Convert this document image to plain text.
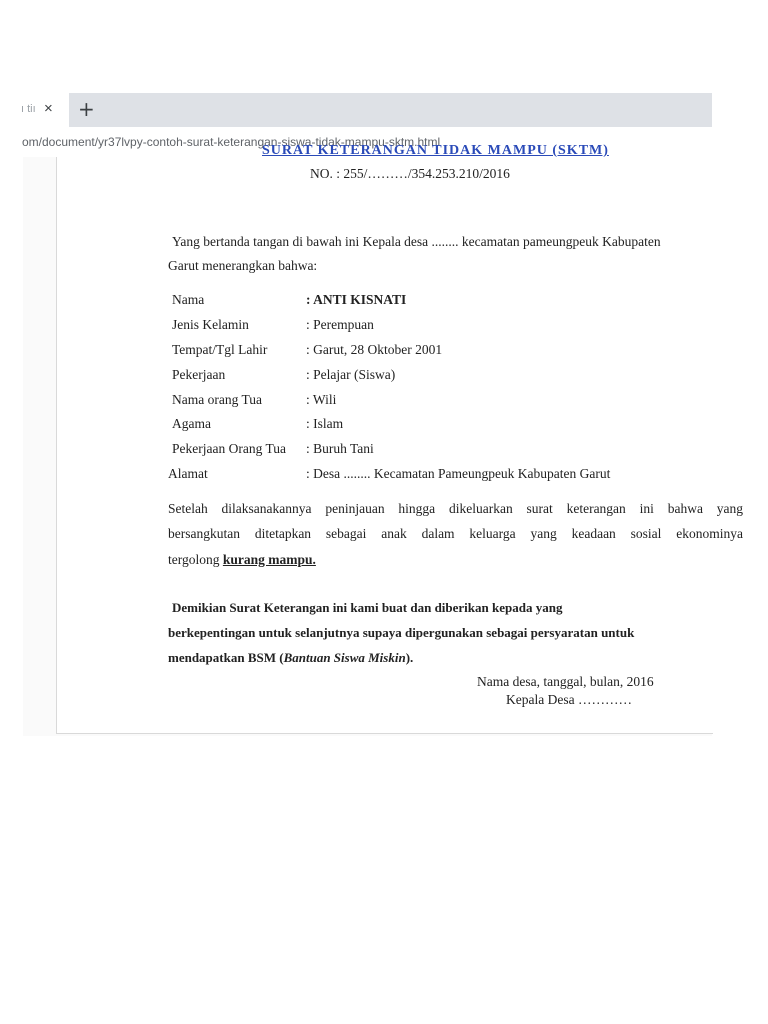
ı tiı × +
om/document/yr37lvpy-contoh-surat-keterangan-siswa-tidak-mampu-sktm.html
SURAT KETERANGAN TIDAK MAMPU (SKTM)
NO. : 255/………/354.253.210/2016
Yang bertanda tangan di bawah ini Kepala desa ........ kecamatan pameungpeuk Kabupaten
Garut menerangkan bahwa:
Nama	: ANTI KISNATI
Jenis Kelamin	: Perempuan
Tempat/Tgl Lahir	: Garut, 28 Oktober 2001
Pekerjaan	: Pelajar (Siswa)
Nama orang Tua	: Wili
Agama	: Islam
Pekerjaan Orang Tua : Buruh Tani
Alamat	: Desa ........ Kecamatan Pameungpeuk Kabupaten Garut
Setelah dilaksanakannya peninjauan hingga dikeluarkan surat keterangan ini bahwa yang
bersangkutan ditetapkan sebagai anak dalam keluarga yang keadaan sosial ekonominya
tergolong kurang mampu.
Demikian Surat Keterangan ini kami buat dan diberikan kepada yang
berkepentingan untuk selanjutnya supaya dipergunakan sebagai persyaratan untuk
mendapatkan BSM (Bantuan Siswa Miskin).
Nama desa, tanggal, bulan, 2016
Kepala Desa …………
